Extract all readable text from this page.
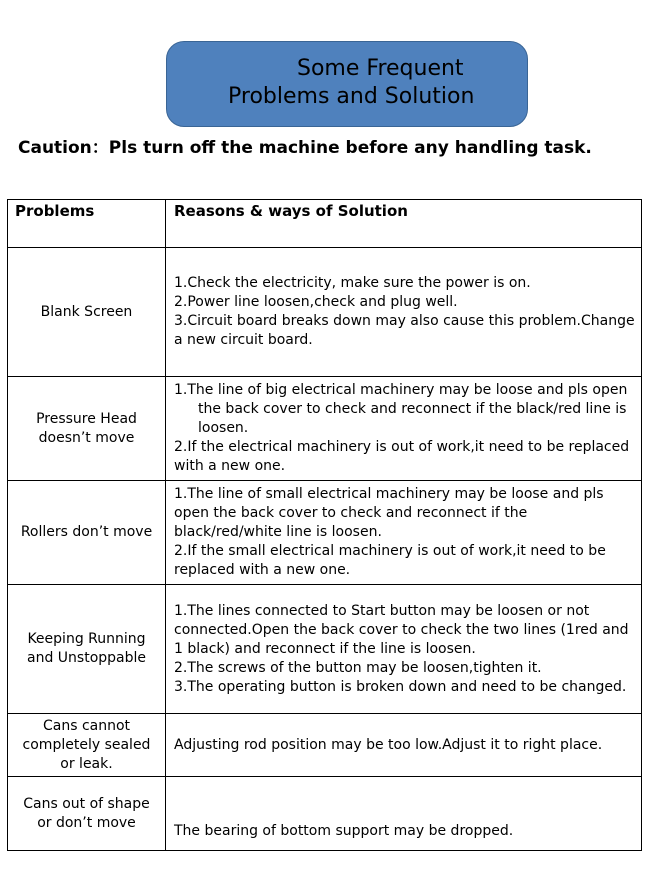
Some Frequent
Problems and Solution
Caution：Pls turn off the machine before any handling task.
Problems	Reasons & ways of Solution
Blank Screen	1.Check the electricity, make sure the power is on.
2.Power line loosen,check and plug well.
3.Circuit board breaks down may also cause this problem.Change a new circuit board.

Pressure Head doesn’t move	1.The line of big electrical machinery may be loose and pls open
the back cover to check and reconnect if the black/red line is loosen.
2.If the electrical machinery is out of work,it need to be replaced with a new one.

Rollers don’t move	1.The line of small electrical machinery may be loose and pls open the back cover to check and reconnect if the black/red/white line is loosen.
2.If the small electrical machinery is out of work,it need to be replaced with a new one.

Keeping Running and Unstoppable	1.The lines connected to Start button may be loosen or not connected.Open the back cover to check the two lines (1red and 1 black) and reconnect if the line is loosen.
2.The screws of the button may be loosen,tighten it.
3.The operating button is broken down and need to be changed.

Cans cannot completely sealed or leak.	Adjusting rod position may be too low.Adjust it to right place.

Cans out of shape or don’t move	The bearing of bottom support may be dropped.
